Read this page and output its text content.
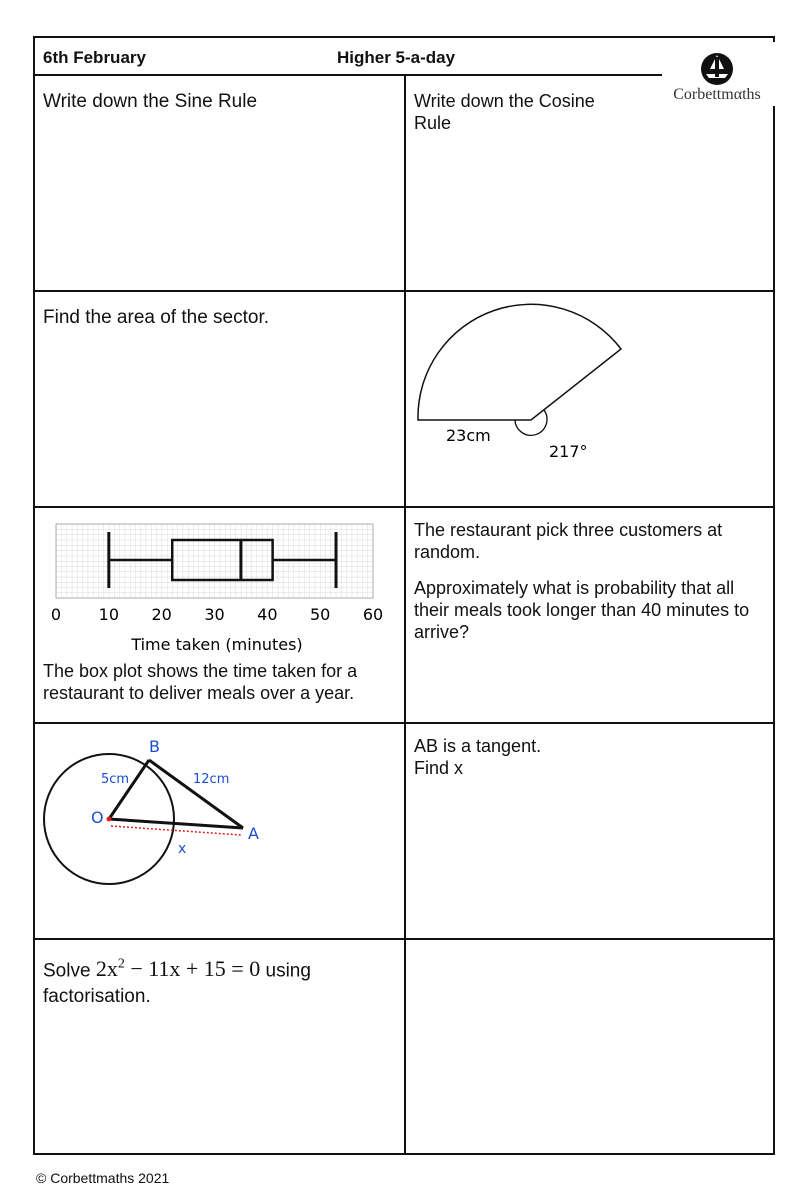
6th February	Higher 5-a-day
Corbettmαths
Write down the Sine Rule	Write down the Cosine
Rule
Find the area of the sector.
23cm
217°
0 10 20 30 40 50 60
Time taken (minutes)
The box plot shows the time taken for a
restaurant to deliver meals over a year.
The restaurant pick three customers at
random.
Approximately what is probability that all
their meals took longer than 40 minutes to
arrive?
B
O
A
x
5cm	12cm
AB is a tangent.
Find x
Solve $2x^2 - 11x + 15 = 0$ using
factorisation.
© Corbettmaths 2021
